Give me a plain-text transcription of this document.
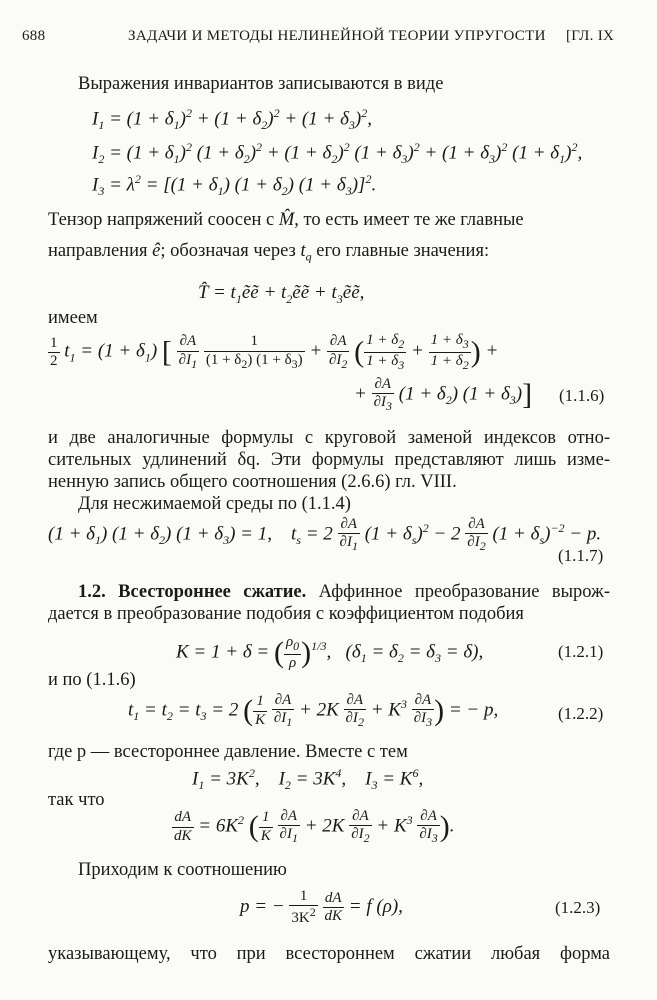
688	ЗАДАЧИ И МЕТОДЫ НЕЛИНЕЙНОЙ ТЕОРИИ УПРУГОСТИ [ГЛ. IX
Выражения инвариантов записываются в виде
$I_1 = (1 + \delta_1)^2 + (1 + \delta_2)^2 + (1 + \delta_3)^2$,
$I_2 = (1 + \delta_1)^2$ $(1 + \delta_2)^2 + (1 + \delta_2)^2$ $(1 + \delta_3)^2 + (1 + \delta_3)^2$ $(1 + \delta_1)^2$,
$I_3 = \lambda^2 = [(1 + \delta_1) (1 + \delta_2) (1 + \delta_3)]^2$.
Тензор напряжений соосен с M̂, то есть имеет те же главные
направления ê; обозначая через $t_q$ его главные значения:
T̂ = $t_1ẽẽ$ + $t_2ẽẽ$ + $t_3ẽẽ$,
имеем
$\frac{1}{2} t_1 = (1 + \delta_1)$ [ $\frac{\partial A}{\partial I_1}$
$\frac{1}{(1 + \delta_2) (1 + \delta_3)} + \frac{\partial A}{\partial I_2}$ ( $\frac{1 + \delta_2}{1 + \delta_3} + \frac{1 + \delta_3}{1 + \delta_2}$ ) +
+ $\frac{\partial A}{\partial I_3} (1 + \delta_2) (1 + \delta_3)$] (1.1.6)
и две аналогичные формулы с круговой заменой индексов отно-
сительных удлинений δq. Эти формулы представляют лишь изме-
ненную запись общего соотношения (2.6.6) гл. VIII.
Для несжимаемой среды по (1.1.4)
$(1 + \delta_1)$ $(1 + \delta_2)$ $(1 + \delta_3) = 1$,    $t_s = 2 \frac{\partial A}{\partial I_1} (1 + \delta_s)^2 - 2 \frac{\partial A}{\partial I_2} (1 + \delta_s)^{-2} - p$.
(1.1.7)
1.2. Всестороннее сжатие. Аффинное преобразование вырож-
дается в преобразование подобия с коэффициентом подобия
K = 1 + δ = ( $\frac{\rho_0}{\rho} )^{1/3}$,   $(\delta_1 = \delta_2 = \delta_3 = \delta)$,	(1.2.1)
и по (1.1.6)
$t_1 = t_2 = t_3 = 2$ ( $\frac{1}{K}$
$\frac{\partial A}{\partial I_1} + 2K \frac{\partial A}{\partial I_2} + K^3 \frac{\partial A}{\partial I_3}$ ) = − p,	(1.2.2)
где p — всестороннее давление. Вместе с тем
$I_1 = 3K^2$,    $I_2 = 3K^4$,    $I_3 = K^6$,
так что
$\frac{dA}{dK} = 6K^2$ ( $\frac{1}{K}$
$\frac{\partial A}{\partial I_1} + 2K \frac{\partial A}{\partial I_2} + K^3 \frac{\partial A}{\partial I_3}$ ).
Приходим к соотношению
p = − $\frac{1}{3K^2}$
$\frac{dA}{dK} = f$ (ρ),	(1.2.3)
указывающему, что при всестороннем сжатии любая форма
